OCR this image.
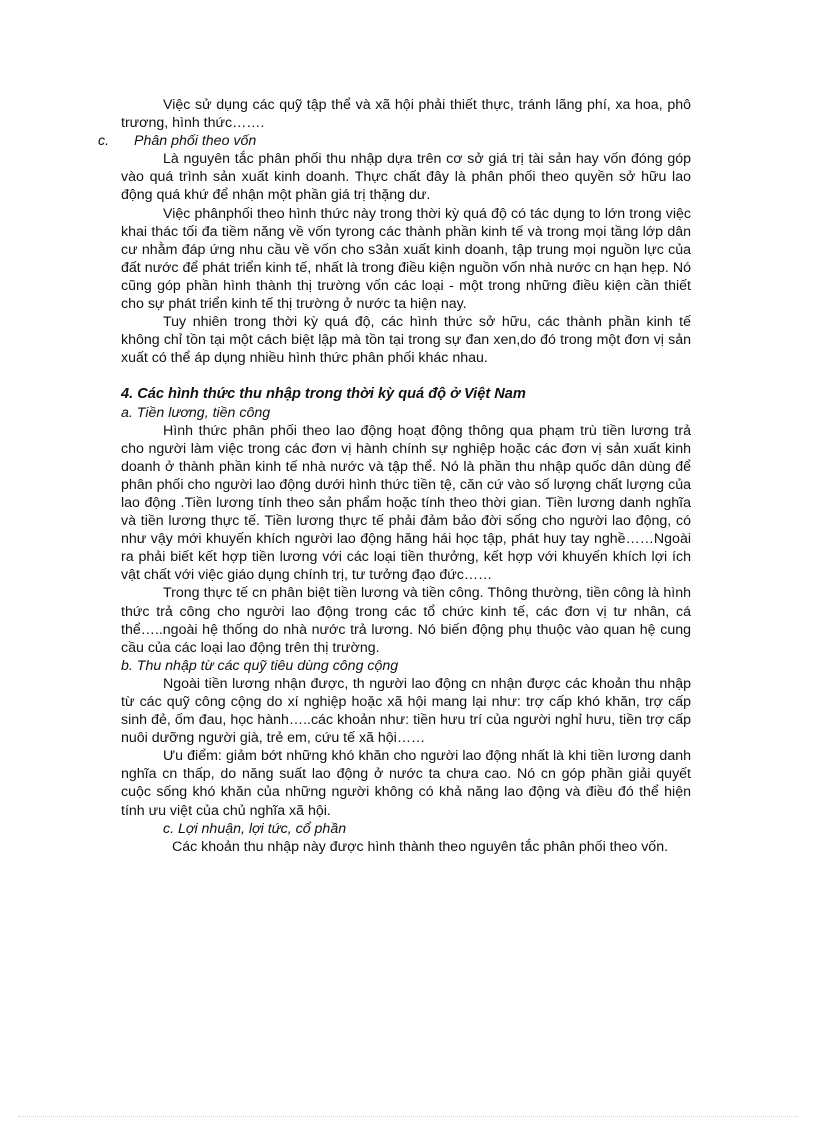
Việc sử dụng các quỹ tập thể và xã hội phải thiết thực, tránh lãng phí, xa hoa, phô trương, hình thức…….

c. Phân phối theo vốn

Là nguyên tắc phân phối thu nhập dựa trên cơ sở giá trị tài sản hay vốn đóng góp vào quá trình sản xuất kinh doanh. Thực chất đây là phân phối theo quyền sở hữu lao động quá khứ để nhận một phần giá trị thặng dư.

Việc phânphối theo hình thức này trong thời kỳ quá độ có tác dụng to lớn trong việc khai thác tối đa tiềm năng về vốn tyrong các thành phần kinh tế và trong mọi tầng lớp dân cư nhằm đáp ứng nhu cầu về vốn cho s3ản xuất kinh doanh, tập trung mọi nguồn lực của đất nước để phát triển kinh tế, nhất là trong điều kiện nguồn vốn nhà nước cn hạn hẹp. Nó cũng góp phần hình thành thị trường vốn các loại - một trong những điều kiện cần thiết cho sự phát triển kinh tế thị trường ở nước ta hiện nay.

Tuy nhiên trong thời kỳ quá độ, các hình thức sở hữu, các thành phần kinh tế không chỉ tồn tại một cách biệt lập mà tồn tại trong sự đan xen,do đó trong một đơn vị sản xuất có thể áp dụng nhiều hình thức phân phối khác nhau.

4. Các hình thức thu nhập trong thời kỳ quá độ ở Việt Nam

a. Tiền lương, tiền công

Hình thức phân phối theo lao động hoạt động thông qua phạm trù tiền lương trả cho người làm việc trong các đơn vị hành chính sự nghiệp hoặc các đơn vị sản xuất kinh doanh ở thành phần kinh tế nhà nước và tập thể. Nó là phần thu nhập quốc dân dùng để phân phối cho người lao động dưới hình thức tiền tệ, căn cứ vào số lượng chất lượng của lao động .Tiền lương tính theo sản phẩm hoặc tính theo thời gian. Tiền lương danh nghĩa và tiền lương thực tế. Tiền lương thực tế phải đảm bảo đời sống cho người lao động, có như vậy mới khuyến khích người lao động hăng hái học tập, phát huy tay nghề……Ngoài ra phải biết kết hợp tiền lương với các loại tiền thưởng, kết hợp với khuyến khích lợi ích vật chất với việc giáo dụng chính trị, tư tưởng đạo đức……

Trong thực tế cn phân biệt tiền lương và tiền công. Thông thường, tiền công là hình thức trả công cho người lao động trong các tổ chức kinh tế, các đơn vị tư nhân, cá thể…..ngoài hệ thống do nhà nước trả lương. Nó biến động phụ thuộc vào quan hệ cung cầu của các loại lao động trên thị trường.

b. Thu nhập từ các quỹ tiêu dùng công cộng

Ngoài tiền lương nhận được, th người lao động cn nhận được các khoản thu nhập từ các quỹ công cộng do xí nghiệp hoặc xã hội mang lại như: trợ cấp khó khăn, trợ cấp sinh đẻ, ốm đau, học hành…..các khoản như: tiền hưu trí của người nghỉ hưu, tiền trợ cấp nuôi dưỡng người già, trẻ em, cứu tế xã hội……

Ưu điểm: giảm bớt những khó khăn cho người lao động nhất là khi tiền lương danh nghĩa cn thấp, do năng suất lao động ở nước ta chưa cao. Nó cn góp phần giải quyết cuộc sống khó khăn của những người không có khả năng lao động và điều đó thể hiện tính ưu việt của chủ nghĩa xã hội.

c. Lợi nhuận, lợi tức, cổ phần

Các khoản thu nhập này được hình thành theo nguyên tắc phân phối theo vốn.
